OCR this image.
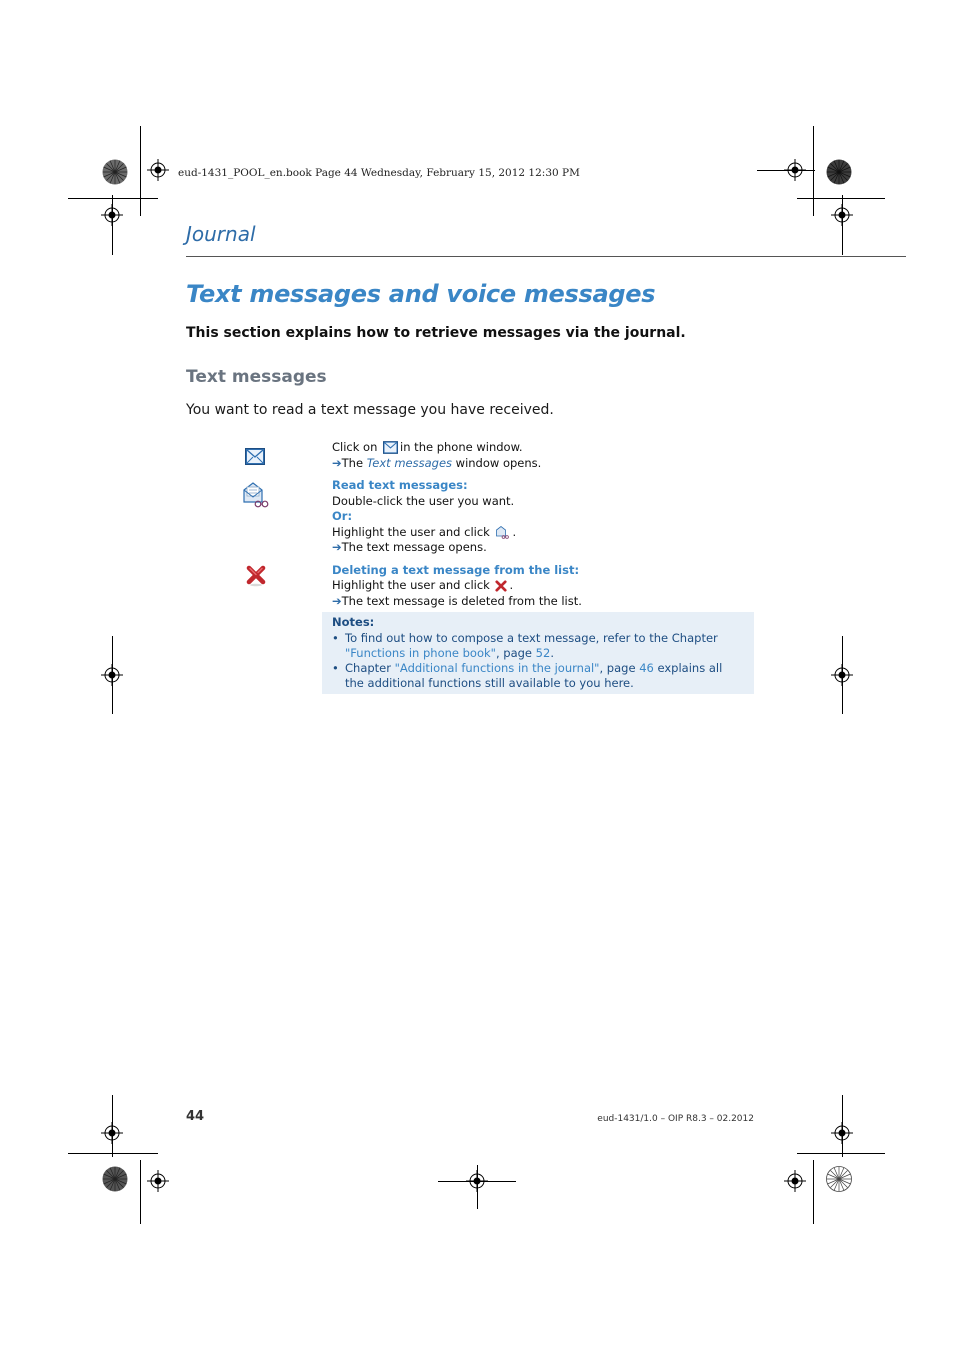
eud-1431_POOL_en.book Page 44 Wednesday, February 15, 2012 12:30 PM
Journal
Text messages and voice messages
This section explains how to retrieve messages via the journal.
Text messages
You want to read a text message you have received.
Click on in the phone window.
➔The Text messages window opens.
Read text messages:
Double-click the user you want.
Or:
Highlight the user and click .
➔The text message opens.
Deleting a text message from the list:
Highlight the user and click .
➔The text message is deleted from the list.
Notes:
• To find out how to compose a text message, refer to the Chapter "Functions in phone book", page 52.
• Chapter "Additional functions in the journal", page 46 explains all the additional functions still available to you here.
44	eud-1431/1.0 – OIP R8.3 – 02.2012
